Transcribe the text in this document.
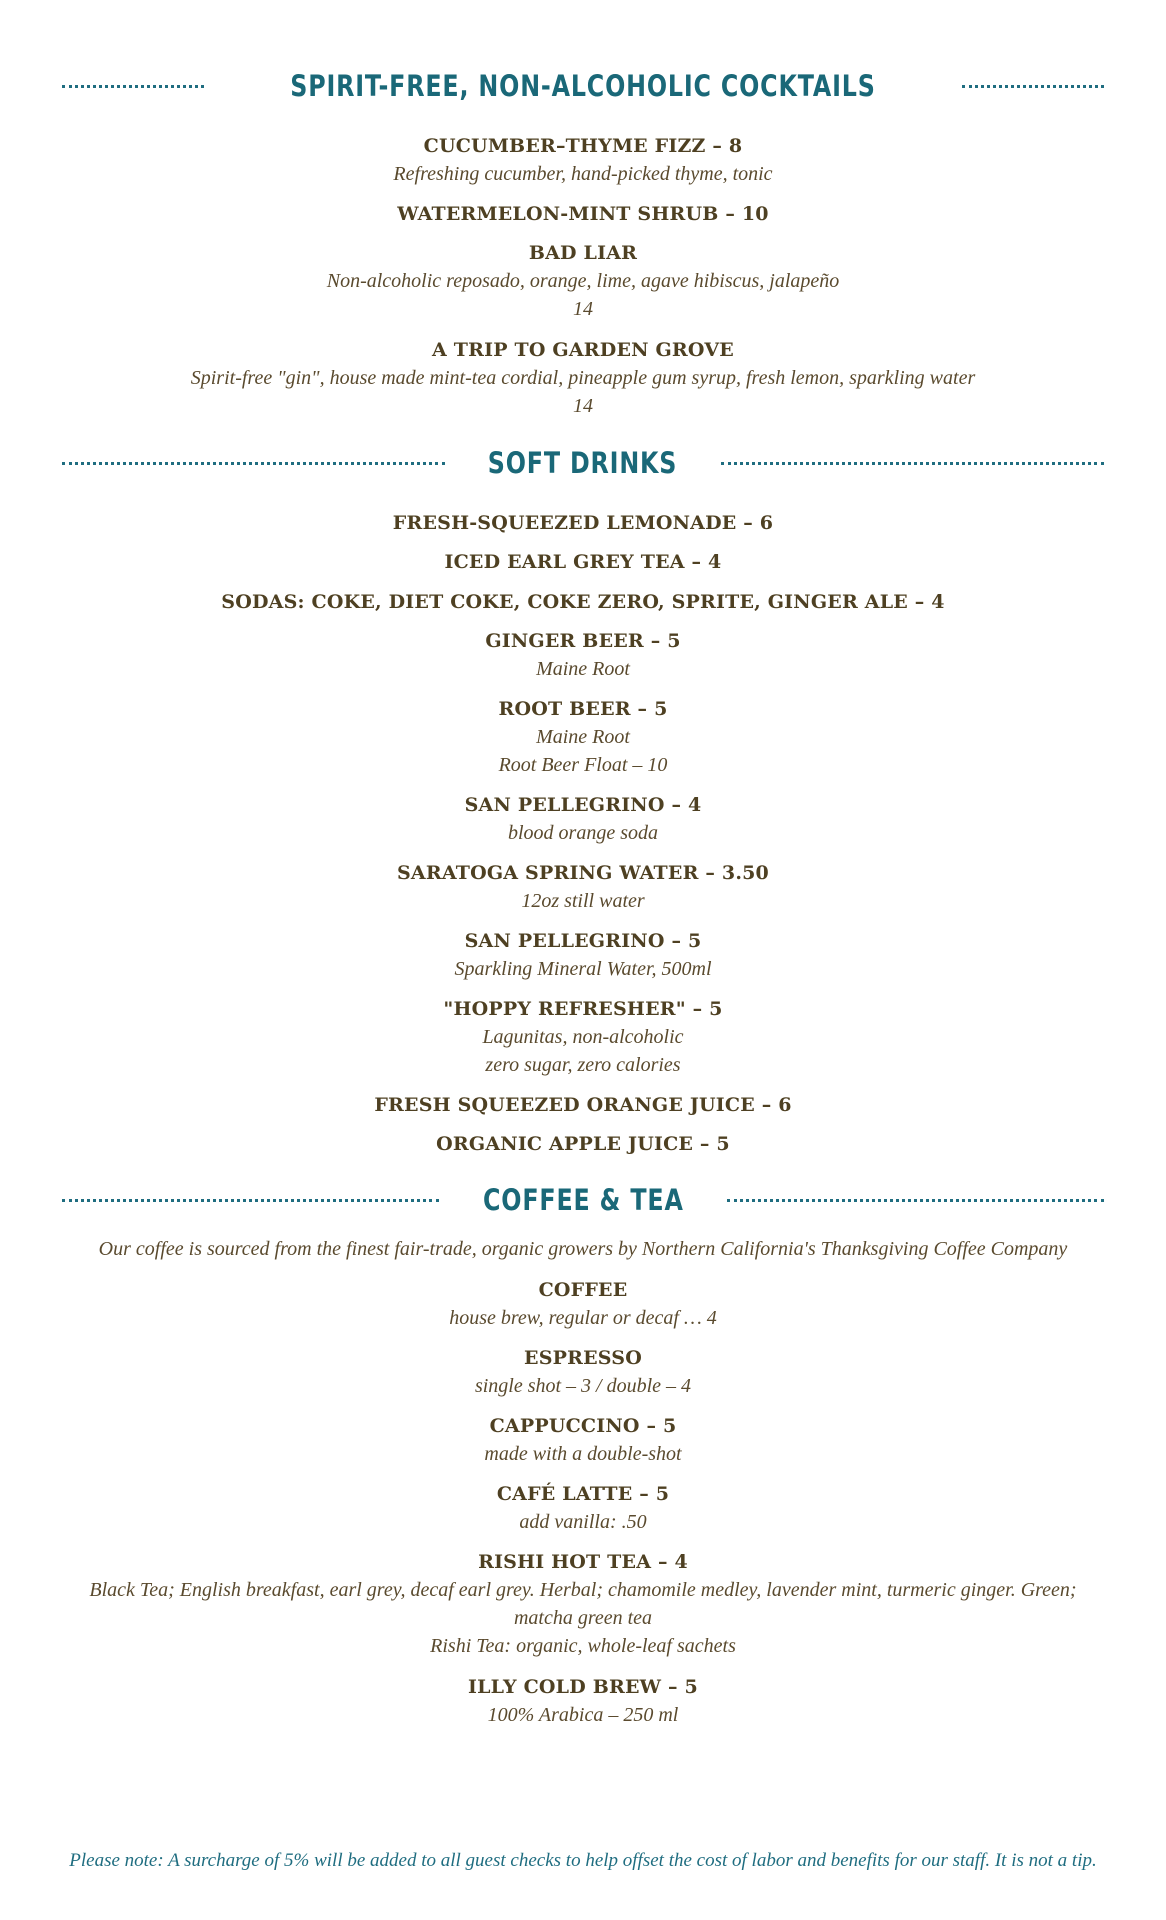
SPIRIT-FREE, NON-ALCOHOLIC COCKTAILS
CUCUMBER–THYME FIZZ – 8
Refreshing cucumber, hand-picked thyme, tonic
WATERMELON-MINT SHRUB – 10
BAD LIAR
Non-alcoholic reposado, orange, lime, agave hibiscus, jalapeño
14
A TRIP TO GARDEN GROVE
Spirit-free "gin", house made mint-tea cordial, pineapple gum syrup, fresh lemon, sparkling water
14
SOFT DRINKS
FRESH-SQUEEZED LEMONADE – 6
ICED EARL GREY TEA – 4
SODAS: COKE, DIET COKE, COKE ZERO, SPRITE, GINGER ALE – 4
GINGER BEER – 5
Maine Root
ROOT BEER – 5
Maine Root
Root Beer Float – 10
SAN PELLEGRINO – 4
blood orange soda
SARATOGA SPRING WATER – 3.50
12oz still water
SAN PELLEGRINO – 5
Sparkling Mineral Water, 500ml
"HOPPY REFRESHER" – 5
Lagunitas, non-alcoholic
zero sugar, zero calories
FRESH SQUEEZED ORANGE JUICE – 6
ORGANIC APPLE JUICE – 5
COFFEE & TEA
Our coffee is sourced from the finest fair-trade, organic growers by Northern California's Thanksgiving Coffee Company
COFFEE
house brew, regular or decaf … 4
ESPRESSO
single shot – 3 / double – 4
CAPPUCCINO – 5
made with a double-shot
CAFÉ LATTE – 5
add vanilla: .50
RISHI HOT TEA – 4
Black Tea; English breakfast, earl grey, decaf earl grey. Herbal; chamomile medley, lavender mint, turmeric ginger. Green;
matcha green tea
Rishi Tea: organic, whole-leaf sachets
ILLY COLD BREW – 5
100% Arabica – 250 ml
Please note: A surcharge of 5% will be added to all guest checks to help offset the cost of labor and benefits for our staff. It is not a tip.
